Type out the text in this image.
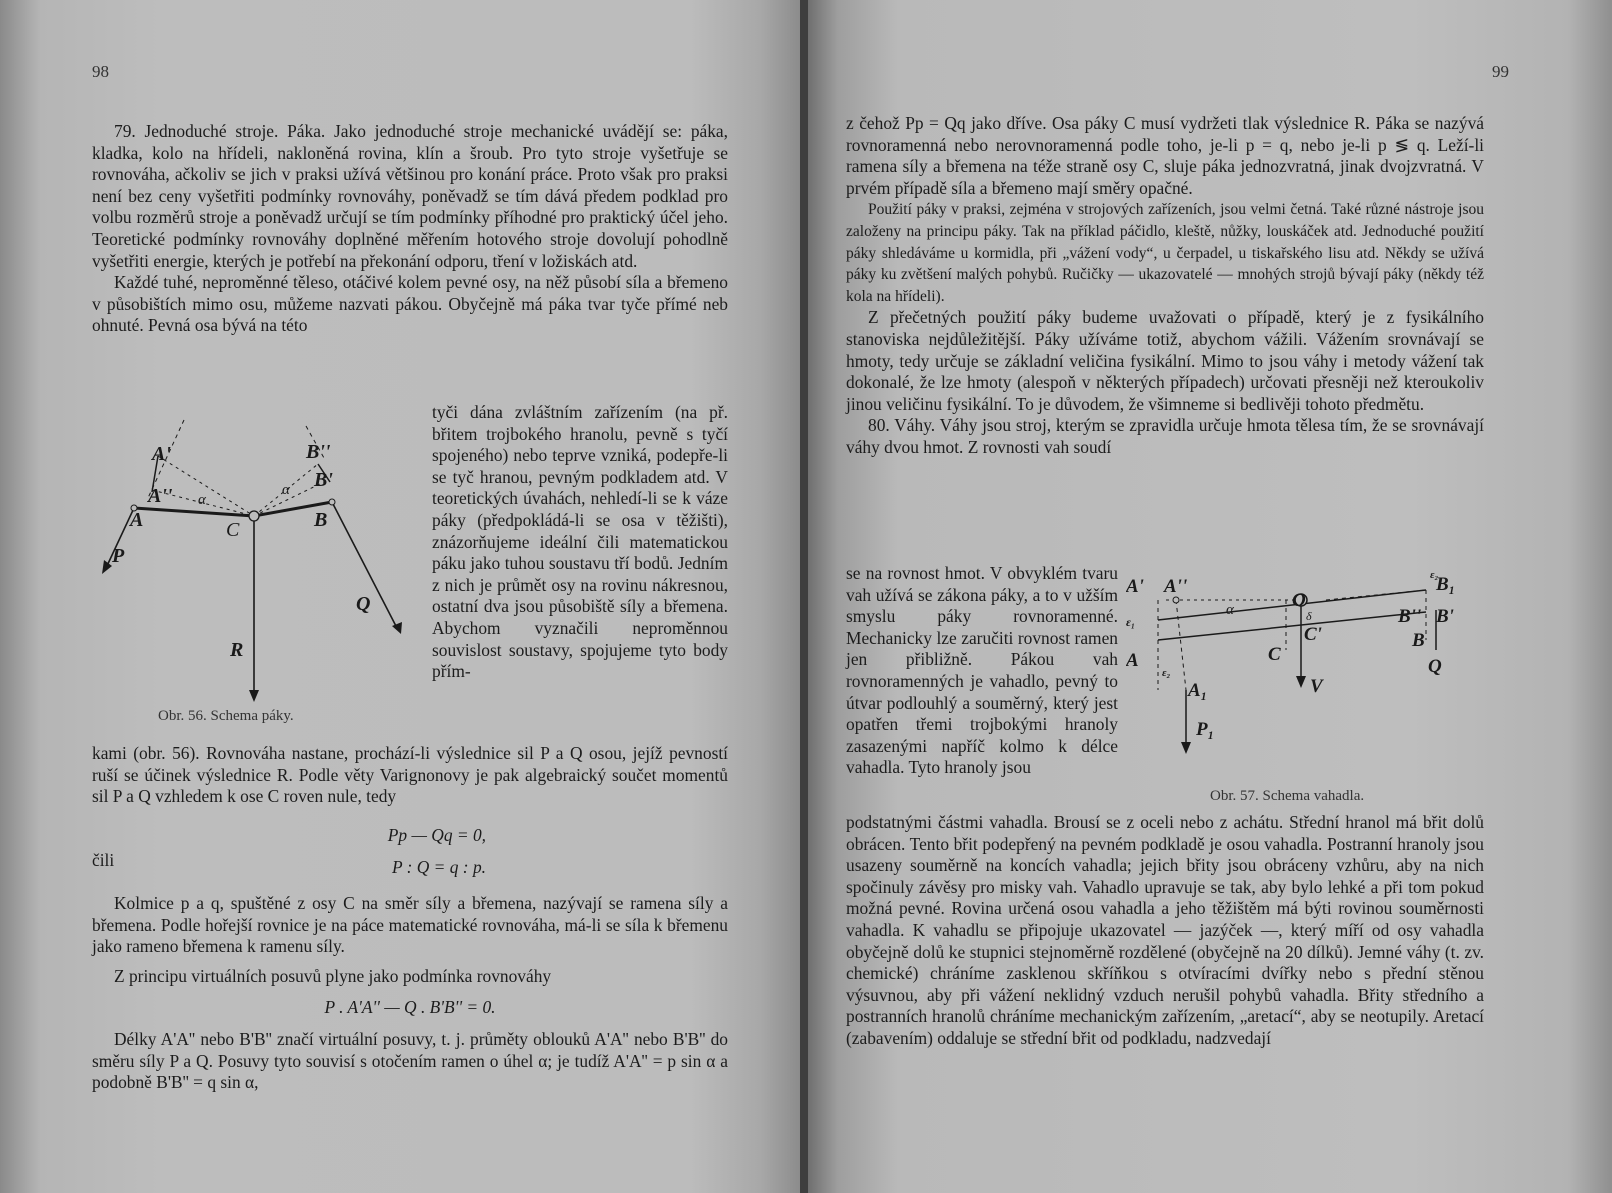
98

79. Jednoduché stroje. Páka. Jako jednoduché stroje mechanické uvádějí se: páka, kladka, kolo na hřídeli, nakloněná rovina, klín a šroub. Pro tyto stroje vyšetřuje se rovnováha, ačkoliv se jich v praksi užívá většinou pro konání práce. Proto však pro praksi není bez ceny vyšetřiti podmínky rovnováhy, poněvadž se tím dává předem podklad pro volbu rozměrů stroje a poněvadž určují se tím podmínky příhodné pro praktický účel jeho. Teoretické podmínky rovnováhy doplněné měřením hotového stroje dovolují pohodlně vyšetřiti energie, kterých je potřebí na překonání odporu, tření v ložiskách atd.

Každé tuhé, neproměnné těleso, otáčivé kolem pevné osy, na něž působí síla a břemeno v působištích mimo osu, můžeme nazvati pákou. Obyčejně má páka tvar tyče přímé neb ohnuté. Pevná osa bývá na této

tyči dána zvláštním zařízením (na př. břitem trojbokého hranolu, pevně s tyčí spojeného) nebo teprve vzniká, podepře-li se tyč hranou, pevným podkladem atd. V teoretických úvahách, nehledí-li se k váze páky (předpokládá-li se osa v těžišti), znázorňujeme ideální čili matematickou páku jako tuhou soustavu tří bodů. Jedním z nich je průmět osy na rovinu nákresnou, ostatní dva jsou působiště síly a břemena. Abychom vyznačili neproměnnou souvislost soustavy, spojujeme tyto body přím-
A'
A''
A
P
C
R
B''
B'
B
Q
α
α
Obr. 56. Schema páky.
kami (obr. 56). Rovnováha nastane, prochází-li výslednice sil P a Q osou, jejíž pevností ruší se účinek výslednice R. Podle věty Varignonovy je pak algebraický součet momentů sil P a Q vzhledem k ose C roven nule, tedy
Pp — Qq = 0,
čili	P : Q = q : p.

Kolmice p a q, spuštěné z osy C na směr síly a břemena, nazývají se ramena síly a břemena. Podle hořejší rovnice je na páce matematické rovnováha, má-li se síla k břemenu jako rameno břemena k ramenu síly.

Z principu virtuálních posuvů plyne jako podmínka rovnováhy

P . A'A'' — Q . B'B'' = 0.

Délky A'A'' nebo B'B'' značí virtuální posuvy, t. j. průměty oblouků A'A'' nebo B'B'' do směru síly P a Q. Posuvy tyto souvisí s otočením ramen o úhel α; je tudíž A'A'' = p sin α a podobně B'B'' = q sin α,

99

z čehož Pp = Qq jako dříve. Osa páky C musí vydržeti tlak výslednice R. Páka se nazývá rovnoramenná nebo nerovnoramenná podle toho, je-li p = q, nebo je-li p ≶ q. Leží-li ramena síly a břemena na téže straně osy C, sluje páka jednozvratná, jinak dvojzvratná. V prvém případě síla a břemeno mají směry opačné.

Použití páky v praksi, zejména v strojových zařízeních, jsou velmi četná. Také různé nástroje jsou založeny na principu páky. Tak na příklad páčidlo, kleště, nůžky, louskáček atd. Jednoduché použití páky shledáváme u kormidla, při „vážení vody“, u čerpadel, u tiskařského lisu atd. Někdy se užívá páky ku zvětšení malých pohybů. Ručičky — ukazovatelé — mnohých strojů bývají páky (někdy též kola na hřídeli).

Z přečetných použití páky budeme uvažovati o případě, který je z fysikálního stanoviska nejdůležitější. Páky užíváme totiž, abychom vážili. Vážením srovnávají se hmoty, tedy určuje se základní veličina fysikální. Mimo to jsou váhy i metody vážení tak dokonalé, že lze hmoty (alespoň v některých případech) určovati přesněji než kteroukoliv jinou veličinu fysikální. To je důvodem, že všimneme si bedlivěji tohoto předmětu.

80. Váhy. Váhy jsou stroj, kterým se zpravidla určuje hmota tělesa tím, že se srovnávají váhy dvou hmot. Z rovnosti vah soudí

se na rovnost hmot. V obvyklém tvaru vah užívá se zákona páky, a to v užším smyslu páky rovnoramenné. Mechanicky lze zaručiti rovnost ramen jen přibližně. Pákou vah rovnoramenných je vahadlo, pevný to útvar podlouhlý a souměrný, který jest opatřen třemi trojbokými hranoly zasazenými napříč kolmo k délce vahadla. Tyto hranoly jsou
A' A''
ε₁
A
ε₂
A₁
P₁
α	O
δ
C
C'
V
ε₂
B₁
B'' B'
B
Q
Obr. 57. Schema vahadla.
podstatnými částmi vahadla. Brousí se z oceli nebo z achátu. Střední hranol má břit dolů obrácen. Tento břit podepřený na pevném podkladě je osou vahadla. Postranní hranoly jsou usazeny souměrně na koncích vahadla; jejich břity jsou obráceny vzhůru, aby na nich spočinuly závěsy pro misky vah. Vahadlo upravuje se tak, aby bylo lehké a při tom pokud možná pevné. Rovina určená osou vahadla a jeho těžištěm má býti rovinou souměrnosti vahadla. K vahadlu se připojuje ukazovatel — jazýček —, který míří od osy vahadla obyčejně dolů ke stupnici stejnoměrně rozdělené (obyčejně na 20 dílků). Jemné váhy (t. zv. chemické) chráníme zasklenou skříňkou s otvíracími dvířky nebo s přední stěnou výsuvnou, aby při vážení neklidný vzduch nerušil pohybů vahadla. Břity středního a postranních hranolů chráníme mechanickým zařízením, „aretací“, aby se neotupily. Aretací (zabavením) oddaluje se střední břit od podkladu, nadzvedají
